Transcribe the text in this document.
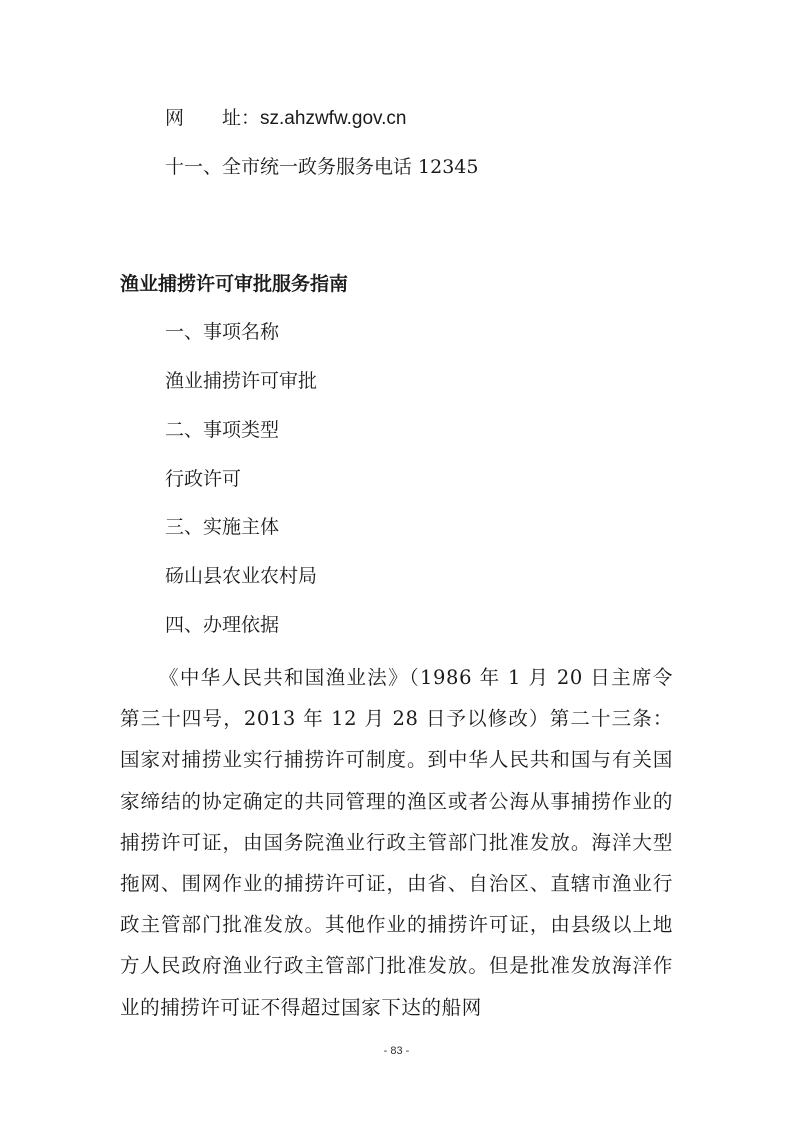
网 址：sz.ahzwfw.gov.cn
十一、全市统一政务服务电话 12345
渔业捕捞许可审批服务指南
一、事项名称
渔业捕捞许可审批
二、事项类型
行政许可
三、实施主体
砀山县农业农村局
四、办理依据
《中华人民共和国渔业法》（1986 年 1 月 20 日主席令第三十四号，2013 年 12 月 28 日予以修改）第二十三条：国家对捕捞业实行捕捞许可制度。到中华人民共和国与有关国家缔结的协定确定的共同管理的渔区或者公海从事捕捞作业的捕捞许可证，由国务院渔业行政主管部门批准发放。海洋大型拖网、围网作业的捕捞许可证，由省、自治区、直辖市渔业行政主管部门批准发放。其他作业的捕捞许可证，由县级以上地方人民政府渔业行政主管部门批准发放。但是批准发放海洋作业的捕捞许可证不得超过国家下达的船网
- 83 -
